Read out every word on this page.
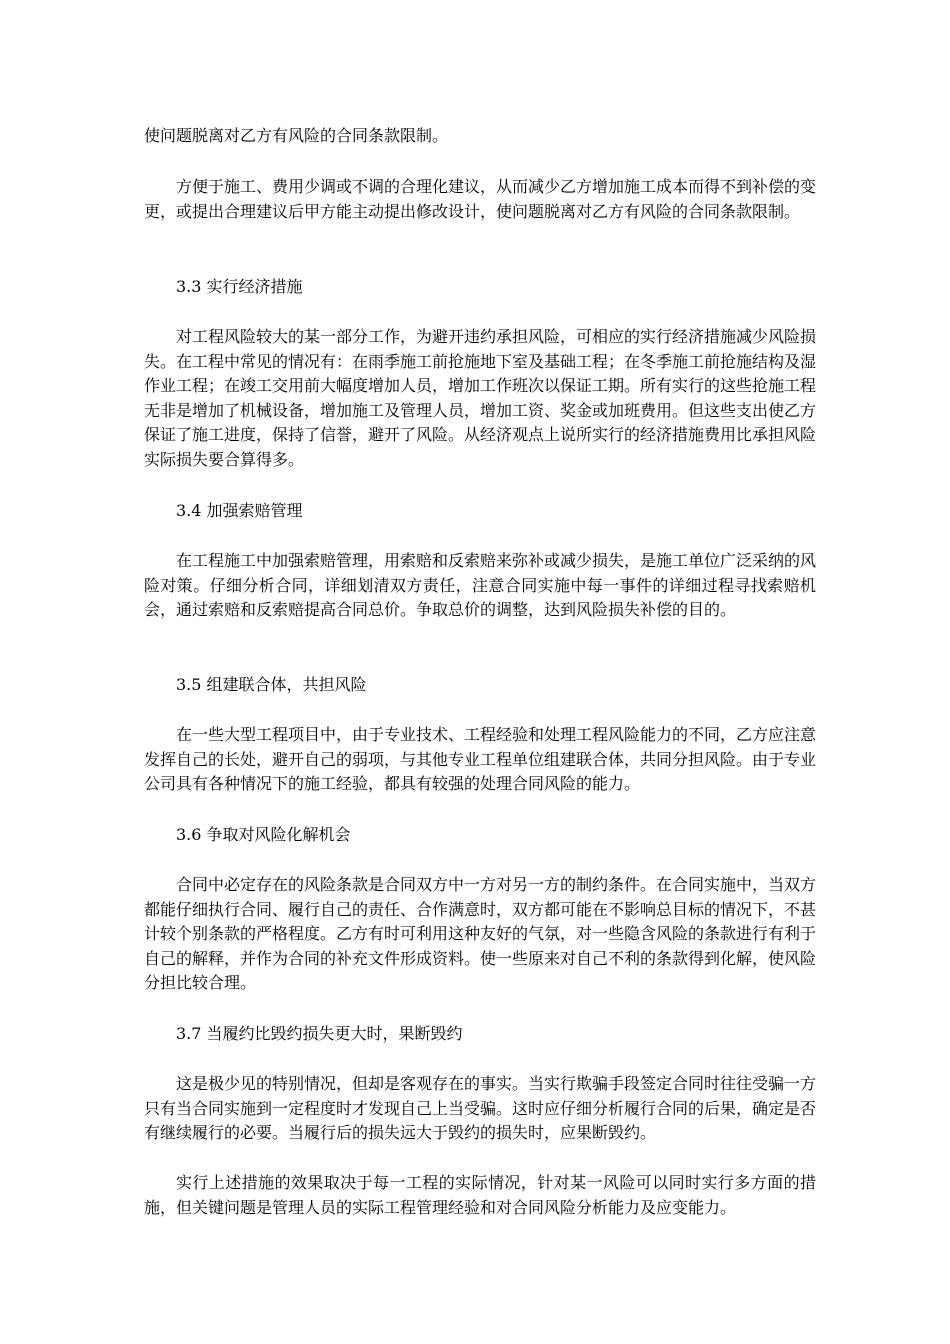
使问题脱离对乙方有风险的合同条款限制。

方便于施工、费用少调或不调的合理化建议，从而减少乙方增加施工成本而得不到补偿的变更，或提出合理建议后甲方能主动提出修改设计，使问题脱离对乙方有风险的合同条款限制。

3.3 实行经济措施

对工程风险较大的某一部分工作，为避开违约承担风险，可相应的实行经济措施减少风险损失。在工程中常见的情况有：在雨季施工前抢施地下室及基础工程；在冬季施工前抢施结构及湿作业工程；在竣工交用前大幅度增加人员，增加工作班次以保证工期。所有实行的这些抢施工程无非是增加了机械设备，增加施工及管理人员，增加工资、奖金或加班费用。但这些支出使乙方保证了施工进度，保持了信誉，避开了风险。从经济观点上说所实行的经济措施费用比承担风险实际损失要合算得多。

3.4 加强索赔管理

在工程施工中加强索赔管理，用索赔和反索赔来弥补或减少损失，是施工单位广泛采纳的风险对策。仔细分析合同，详细划清双方责任，注意合同实施中每一事件的详细过程寻找索赔机会，通过索赔和反索赔提高合同总价。争取总价的调整，达到风险损失补偿的目的。

3.5 组建联合体，共担风险

在一些大型工程项目中，由于专业技术、工程经验和处理工程风险能力的不同，乙方应注意发挥自己的长处，避开自己的弱项，与其他专业工程单位组建联合体，共同分担风险。由于专业公司具有各种情况下的施工经验，都具有较强的处理合同风险的能力。

3.6 争取对风险化解机会

合同中必定存在的风险条款是合同双方中一方对另一方的制约条件。在合同实施中，当双方都能仔细执行合同、履行自己的责任、合作满意时，双方都可能在不影响总目标的情况下，不甚计较个别条款的严格程度。乙方有时可利用这种友好的气氛，对一些隐含风险的条款进行有利于自己的解释，并作为合同的补充文件形成资料。使一些原来对自己不利的条款得到化解，使风险分担比较合理。

3.7 当履约比毁约损失更大时，果断毁约

这是极少见的特别情况，但却是客观存在的事实。当实行欺骗手段签定合同时往往受骗一方只有当合同实施到一定程度时才发现自己上当受骗。这时应仔细分析履行合同的后果，确定是否有继续履行的必要。当履行后的损失远大于毁约的损失时，应果断毁约。

实行上述措施的效果取决于每一工程的实际情况，针对某一风险可以同时实行多方面的措施，但关键问题是管理人员的实际工程管理经验和对合同风险分析能力及应变能力。
